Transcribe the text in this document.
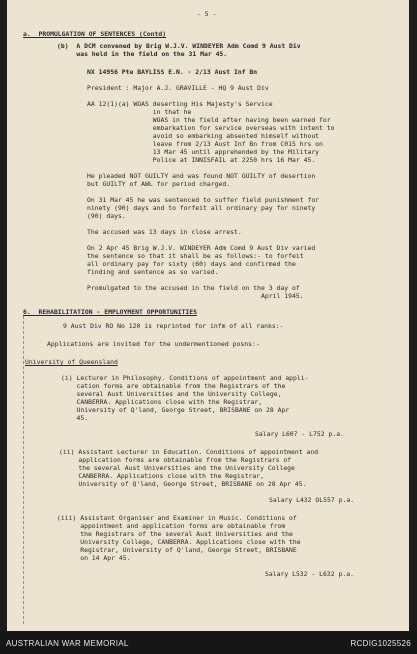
- 5 -
a.  PROMULGATION OF SENTENCES (Contd)
(b)  A DCM convened by Brig W.J.V. WINDEYER Adm Comd 9 Aust Div
was held in the field on the 31 Mar 45.
NX 14956 Pte BAYLISS E.N. - 2/13 Aust Inf Bn
President : Major A.J. GRAVILLE - HQ 9 Aust Div
AA 12(1)(a) WOAS deserting His Majesty's Service
in that he
WOAS in the field after having been warned for
embarkation for service overseas with intent to
avoid so embarking absented himself without
leave from 2/13 Aust Inf Bn from C015 hrs on
13 Mar 45 until apprehended by the Military
Police at INNISFAIL at 2250 hrs 16 Mar 45.
He pleaded NOT GUILTY and was found NOT GUILTY of desertion
but GUILTY of AWL for period charged.
On 31 Mar 45 he was sentenced to suffer field punishment for
ninety (90) days and to forfeit all ordinary pay for ninety
(90) days.
The accused was 13 days in close arrest.
On 2 Apr 45 Brig W.J.V. WINDEYER Adm Comd 9 Aust Div varied
the sentence so that it shall be as follows:- to forfeit
all ordinary pay for sixty (60) days and confirmed the
finding and sentence as so varied.
Promulgated to the accused in the field on the 3 day of
April 1945.
6.  REHABILITATION - EMPLOYMENT OPPORTUNITIES
9 Aust Div RO No 120 is reprinted for infm of all ranks:-
Applications are invited for the undermentioned posns:-
University of Queensland
(i) Lecturer in Philosophy. Conditions of appointment and appli-
cation forms are obtainable from the Registrars of the
several Aust Universities and the University College,
CANBERRA. Applications close with the Registrar,
University of Q'land, George Street, BRISBANE on 28 Apr
45.
Salary L607 - L752 p.a.
(ii) Assistant Lecturer in Education. Conditions of appointment and
application forms are obtainable from the Registrars of
the several Aust Universities and the University College
CANBERRA. Applications close with the Registrar,
University of Q'land, George Street, BRISBANE on 28 Apr 45.
Salary L432 OL557 p.a.
(iii) Assistant Organiser and Examiner in Music. Conditions of
appointment and application forms are obtainable from
the Registrars of the several Aust Universities and the
University College, CANBERRA. Applications close with the
Registrar, University of Q'land, George Street, BRISBANE
on 14 Apr 45.
Salary L532 - L632 p.a.
AUSTRALIAN WAR MEMORIAL	RCDIG1025526
